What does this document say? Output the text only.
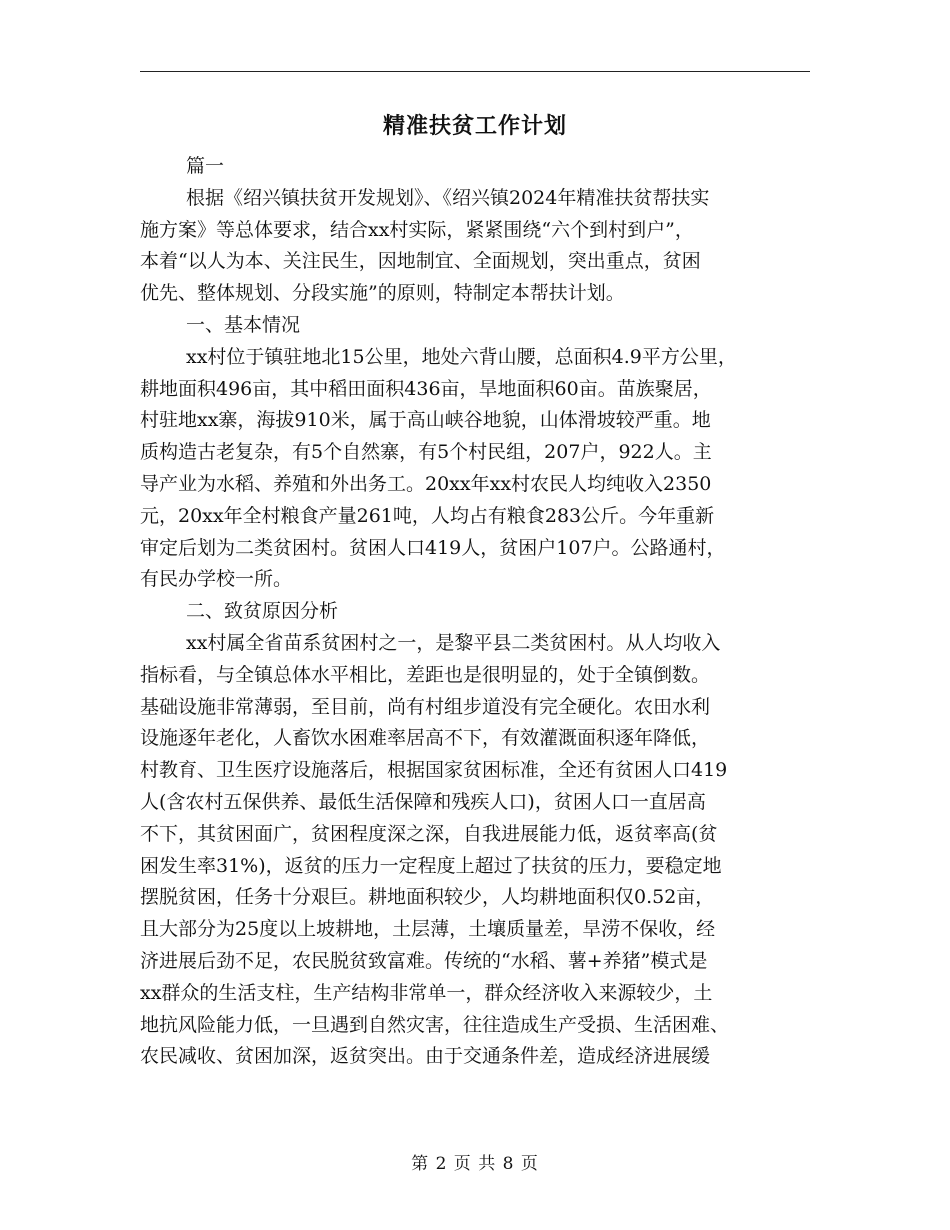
精准扶贫工作计划
篇一
根据《绍兴镇扶贫开发规划》、《绍兴镇2024年精准扶贫帮扶实
施方案》等总体要求，结合xx村实际，紧紧围绕“六个到村到户”，
本着“以人为本、关注民生，因地制宜、全面规划，突出重点，贫困
优先、整体规划、分段实施”的原则，特制定本帮扶计划。
一、基本情况
xx村位于镇驻地北15公里，地处六背山腰，总面积4.9平方公里，
耕地面积496亩，其中稻田面积436亩，旱地面积60亩。苗族聚居，
村驻地xx寨，海拔910米，属于高山峡谷地貌，山体滑坡较严重。地
质构造古老复杂，有5个自然寨，有5个村民组，207户，922人。主
导产业为水稻、养殖和外出务工。20xx年xx村农民人均纯收入2350
元，20xx年全村粮食产量261吨，人均占有粮食283公斤。今年重新
审定后划为二类贫困村。贫困人口419人，贫困户107户。公路通村，
有民办学校一所。
二、致贫原因分析
xx村属全省苗系贫困村之一，是黎平县二类贫困村。从人均收入
指标看，与全镇总体水平相比，差距也是很明显的，处于全镇倒数。
基础设施非常薄弱，至目前，尚有村组步道没有完全硬化。农田水利
设施逐年老化，人畜饮水困难率居高不下，有效灌溉面积逐年降低，
村教育、卫生医疗设施落后，根据国家贫困标准，全还有贫困人口419
人(含农村五保供养、最低生活保障和残疾人口)，贫困人口一直居高
不下，其贫困面广，贫困程度深之深，自我进展能力低，返贫率高(贫
困发生率31%)，返贫的压力一定程度上超过了扶贫的压力，要稳定地
摆脱贫困，任务十分艰巨。耕地面积较少，人均耕地面积仅0.52亩，
且大部分为25度以上坡耕地，土层薄，土壤质量差，旱涝不保收，经
济进展后劲不足，农民脱贫致富难。传统的“水稻、薯+养猪”模式是
xx群众的生活支柱，生产结构非常单一，群众经济收入来源较少，土
地抗风险能力低，一旦遇到自然灾害，往往造成生产受损、生活困难、
农民减收、贫困加深，返贫突出。由于交通条件差，造成经济进展缓
第 2 页 共 8 页
